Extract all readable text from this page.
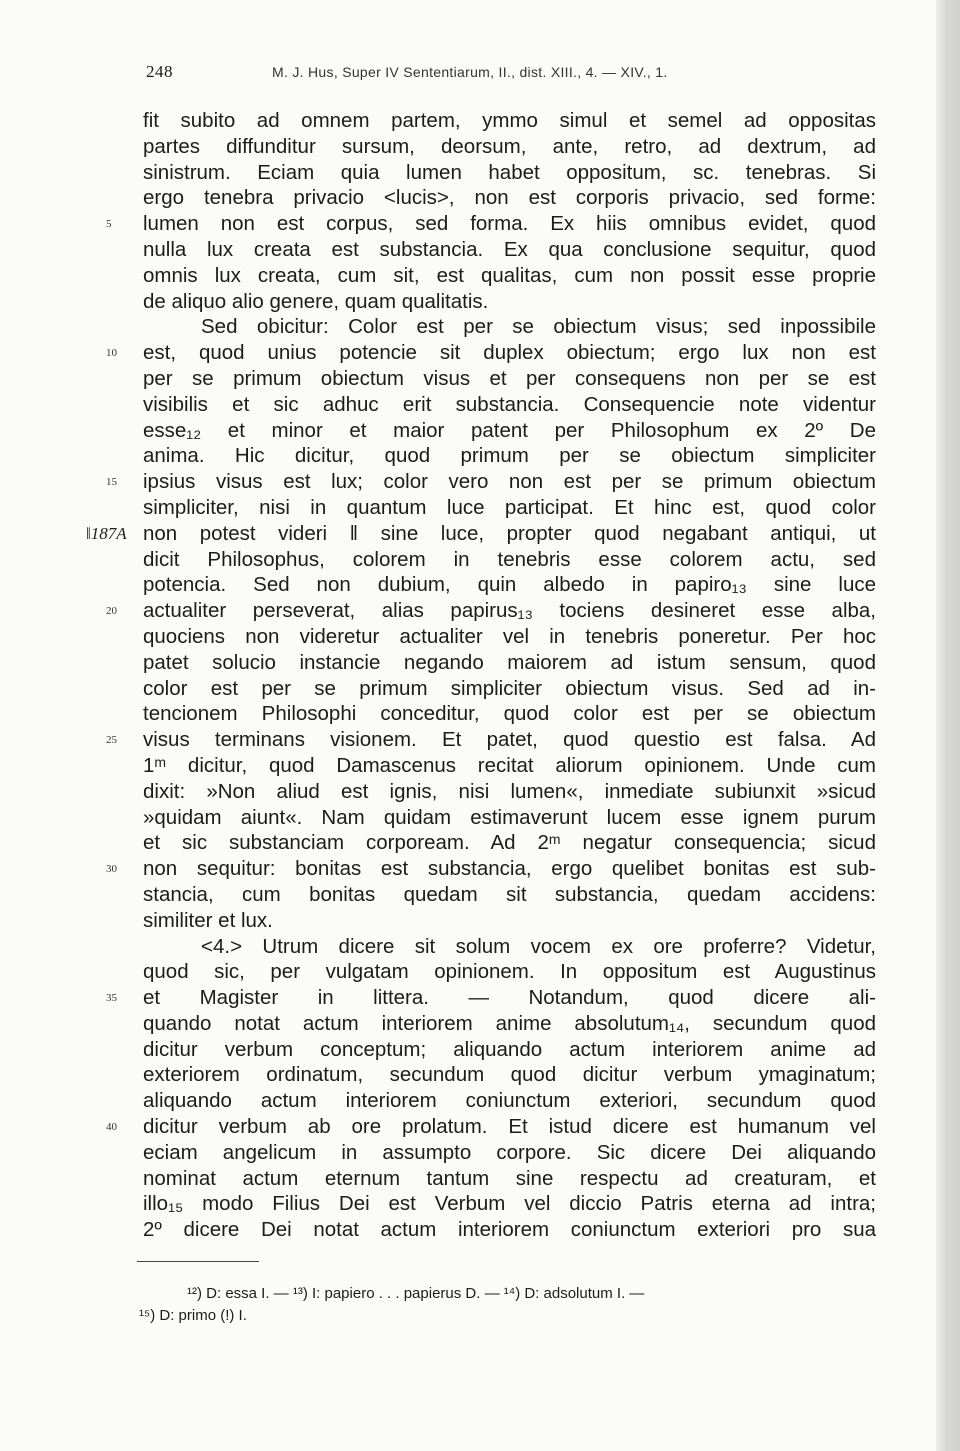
248	M. J. Hus, Super IV Sententiarum, II., dist. XIII., 4. — XIV., 1.
fit subito ad omnem partem, ymmo simul et semel ad oppositas
partes diffunditur sursum, deorsum, ante, retro, ad dextrum, ad
sinistrum. Eciam quia lumen habet oppositum, sc. tenebras. Si
ergo tenebra privacio <lucis>, non est corporis privacio, sed forme:
5 lumen non est corpus, sed forma. Ex hiis omnibus evidet, quod
nulla lux creata est substancia. Ex qua conclusione sequitur, quod
omnis lux creata, cum sit, est qualitas, cum non possit esse proprie
de aliquo alio genere, quam qualitatis.
Sed obicitur: Color est per se obiectum visus; sed inpossibile
10 est, quod unius potencie sit duplex obiectum; ergo lux non est
per se primum obiectum visus et per consequens non per se est
visibilis et sic adhuc erit substancia. Consequencie note videntur
esse₁₂ et minor et maior patent per Philosophum ex 2º De
anima. Hic dicitur, quod primum per se obiectum simpliciter
15 ipsius visus est lux; color vero non est per se primum obiectum
simpliciter, nisi in quantum luce participat. Et hinc est, quod color
‖187A non potest videri ‖ sine luce, propter quod negabant antiqui, ut
dicit Philosophus, colorem in tenebris esse colorem actu, sed
potencia. Sed non dubium, quin albedo in papiro₁₃ sine luce
20 actualiter perseverat, alias papirus₁₃ tociens desineret esse alba,
quociens non videretur actualiter vel in tenebris poneretur. Per hoc
patet solucio instancie negando maiorem ad istum sensum, quod
color est per se primum simpliciter obiectum visus. Sed ad in-
tencionem Philosophi conceditur, quod color est per se obiectum
25 visus terminans visionem. Et patet, quod questio est falsa. Ad
1ᵐ dicitur, quod Damascenus recitat aliorum opinionem. Unde cum
dixit: »Non aliud est ignis, nisi lumen«, inmediate subiunxit »sicud
»quidam aiunt«. Nam quidam estimaverunt lucem esse ignem purum
et sic substanciam corpoream. Ad 2ᵐ negatur consequencia; sicud
30 non sequitur: bonitas est substancia, ergo quelibet bonitas est sub-
stancia, cum bonitas quedam sit substancia, quedam accidens:
similiter et lux.
<4.> Utrum dicere sit solum vocem ex ore proferre? Videtur,
quod sic, per vulgatam opinionem. In oppositum est Augustinus
35 et Magister in littera. — Notandum, quod dicere ali-
quando notat actum interiorem anime absolutum₁₄, secundum quod
dicitur verbum conceptum; aliquando actum interiorem anime ad
exteriorem ordinatum, secundum quod dicitur verbum ymaginatum;
aliquando actum interiorem coniunctum exteriori, secundum quod
40 dicitur verbum ab ore prolatum. Et istud dicere est humanum vel
eciam angelicum in assumpto corpore. Sic dicere Dei aliquando
nominat actum eternum tantum sine respectu ad creaturam, et
illo₁₅ modo Filius Dei est Verbum vel diccio Patris eterna ad intra;
2º dicere Dei notat actum interiorem coniunctum exteriori pro sua
¹²) D: essa I. — ¹³) I: papiero . . . papierus D. — ¹⁴) D: adsolutum I. —
¹⁵) D: primo (!) I.
